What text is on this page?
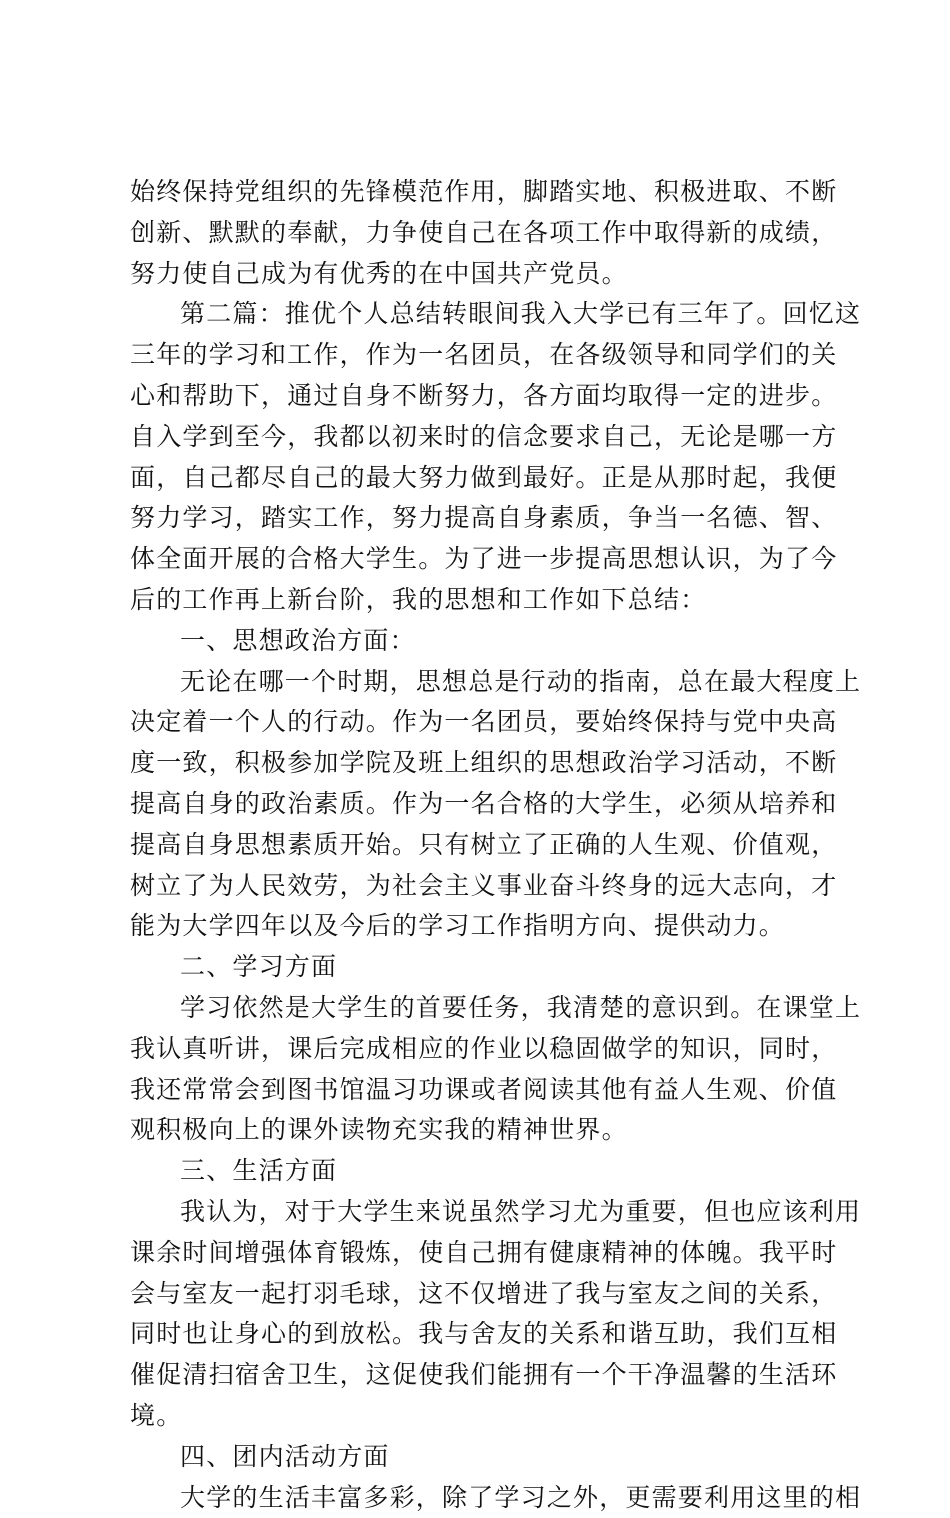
始终保持党组织的先锋模范作用，脚踏实地、积极进取、不断
创新、默默的奉献，力争使自己在各项工作中取得新的成绩，
努力使自己成为有优秀的在中国共产党员。
第二篇：推优个人总结转眼间我入大学已有三年了。回忆这
三年的学习和工作，作为一名团员，在各级领导和同学们的关
心和帮助下，通过自身不断努力，各方面均取得一定的进步。
自入学到至今，我都以初来时的信念要求自己，无论是哪一方
面，自己都尽自己的最大努力做到最好。正是从那时起，我便
努力学习，踏实工作，努力提高自身素质，争当一名德、智、
体全面开展的合格大学生。为了进一步提高思想认识，为了今
后的工作再上新台阶，我的思想和工作如下总结：
一、思想政治方面：
无论在哪一个时期，思想总是行动的指南，总在最大程度上
决定着一个人的行动。作为一名团员，要始终保持与党中央高
度一致，积极参加学院及班上组织的思想政治学习活动，不断
提高自身的政治素质。作为一名合格的大学生，必须从培养和
提高自身思想素质开始。只有树立了正确的人生观、价值观，
树立了为人民效劳，为社会主义事业奋斗终身的远大志向，才
能为大学四年以及今后的学习工作指明方向、提供动力。
二、学习方面
学习依然是大学生的首要任务，我清楚的意识到。在课堂上
我认真听讲，课后完成相应的作业以稳固做学的知识，同时，
我还常常会到图书馆温习功课或者阅读其他有益人生观、价值
观积极向上的课外读物充实我的精神世界。
三、生活方面
我认为，对于大学生来说虽然学习尤为重要，但也应该利用
课余时间增强体育锻炼，使自己拥有健康精神的体魄。我平时
会与室友一起打羽毛球，这不仅增进了我与室友之间的关系，
同时也让身心的到放松。我与舍友的关系和谐互助，我们互相
催促清扫宿舍卫生，这促使我们能拥有一个干净温馨的生活环
境。
四、团内活动方面
大学的生活丰富多彩，除了学习之外，更需要利用这里的相
